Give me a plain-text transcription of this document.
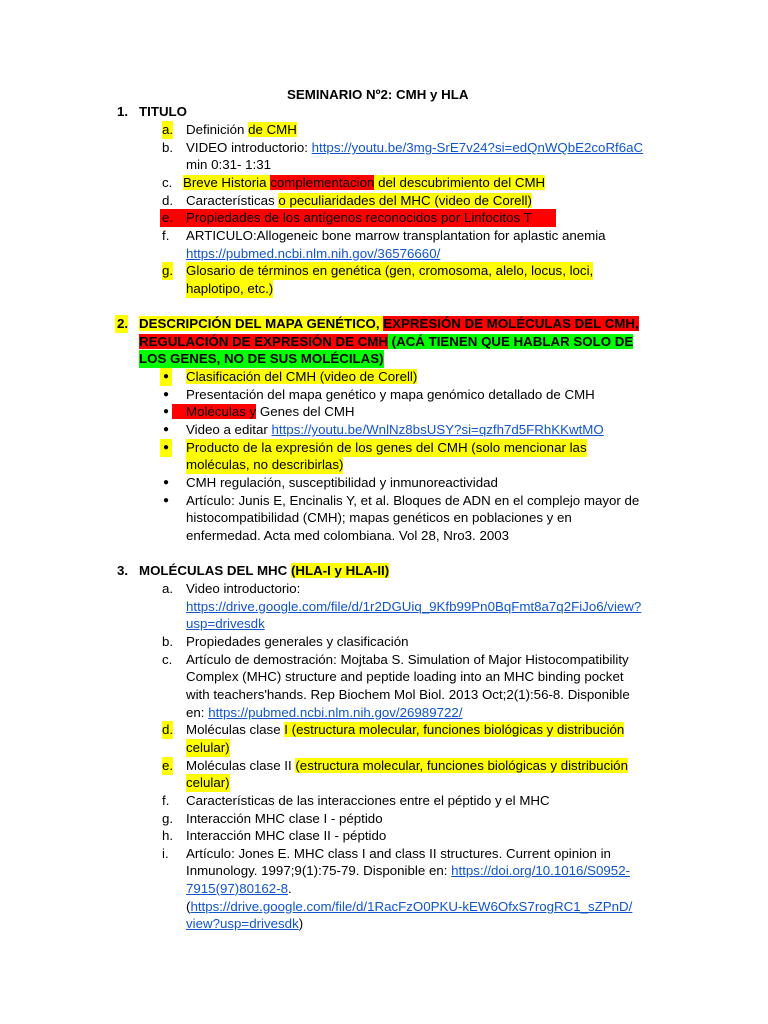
SEMINARIO Nº2: CMH y HLA
1. TITULO
a. Definición de CMH
b. VIDEO introductorio: https://youtu.be/3mg-SrE7v24?si=edQnWQbE2coRf6aC
min 0:31- 1:31
c. Breve Historia complementacion del descubrimiento del CMH
d. Características o peculiaridades del MHC (video de Corell)
e. Propiedades de los antígenos reconocidos por Linfocitos T
f. ARTICULO:Allogeneic bone marrow transplantation for aplastic anemia
https://pubmed.ncbi.nlm.nih.gov/36576660/
g. Glosario de términos en genética (gen, cromosoma, alelo, locus, loci,
haplotipo, etc.)
2. DESCRIPCIÓN DEL MAPA GENÉTICO, EXPRESIÓN DE MOLÉCULAS DEL CMH,
REGULACIÓN DE EXPRESIÓN DE CMH (ACÁ TIENEN QUE HABLAR SOLO DE
LOS GENES, NO DE SUS MOLÉCILAS)
● Clasificación del CMH (video de Corell)
● Presentación del mapa genético y mapa genómico detallado de CMH
●	Moléculas y Genes del CMH
● Video a editar https://youtu.be/WnlNz8bsUSY?si=qzfh7d5FRhKKwtMO
● Producto de la expresión de los genes del CMH (solo mencionar las
moléculas, no describirlas)
● CMH regulación, susceptibilidad y inmunoreactividad
● Artículo: Junis E, Encinalis Y, et al. Bloques de ADN en el complejo mayor de
histocompatibilidad (CMH); mapas genéticos en poblaciones y en
enfermedad. Acta med colombiana. Vol 28, Nro3. 2003
3. MOLÉCULAS DEL MHC (HLA-I y HLA-II)
a. Video introductorio:
https://drive.google.com/file/d/1r2DGUiq_9Kfb99Pn0BqFmt8a7q2FiJo6/view?
usp=drivesdk
b. Propiedades generales y clasificación
c. Artículo de demostración: Mojtaba S. Simulation of Major Histocompatibility
Complex (MHC) structure and peptide loading into an MHC binding pocket
with teachers'hands. Rep Biochem Mol Biol. 2013 Oct;2(1):56-8. Disponible
en: https://pubmed.ncbi.nlm.nih.gov/26989722/
d. Moléculas clase I (estructura molecular, funciones biológicas y distribución
celular)
e. Moléculas clase II (estructura molecular, funciones biológicas y distribución
celular)
f. Características de las interacciones entre el péptido y el MHC
g. Interacción MHC clase I - péptido
h. Interacción MHC clase II - péptido
i. Artículo: Jones E. MHC class I and class II structures. Current opinion in
Inmunology. 1997;9(1):75-79. Disponible en: https://doi.org/10.1016/S0952-
7915(97)80162-8.
(https://drive.google.com/file/d/1RacFzO0PKU-kEW6OfxS7rogRC1_sZPnD/
view?usp=drivesdk)
